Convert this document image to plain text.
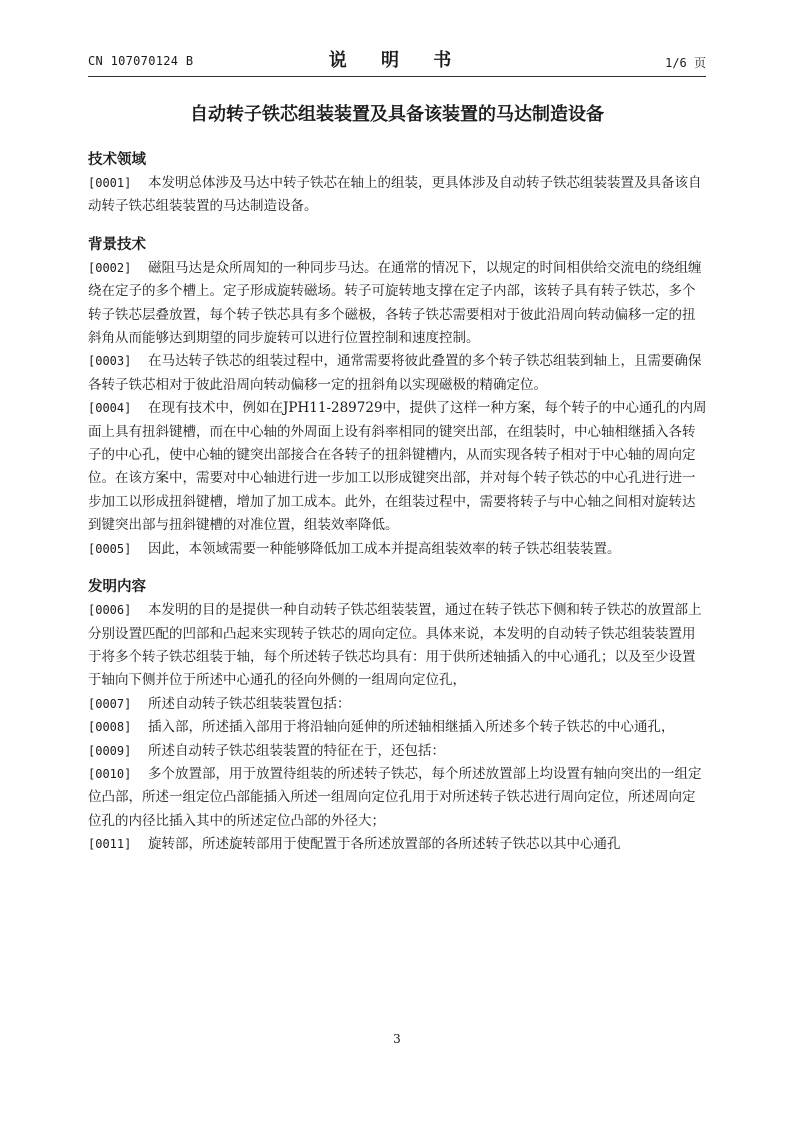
CN 107070124 B	说 明 书	1/6 页
自动转子铁芯组装装置及具备该装置的马达制造设备
技术领域

[0001] 本发明总体涉及马达中转子铁芯在轴上的组装，更具体涉及自动转子铁芯组装装置及具备该自动转子铁芯组装装置的马达制造设备。

背景技术

[0002] 磁阻马达是众所周知的一种同步马达。在通常的情况下，以规定的时间相供给交流电的绕组缠绕在定子的多个槽上。定子形成旋转磁场。转子可旋转地支撑在定子内部，该转子具有转子铁芯，多个转子铁芯层叠放置，每个转子铁芯具有多个磁极，各转子铁芯需要相对于彼此沿周向转动偏移一定的扭斜角从而能够达到期望的同步旋转可以进行位置控制和速度控制。

[0003] 在马达转子铁芯的组装过程中，通常需要将彼此叠置的多个转子铁芯组装到轴上，且需要确保各转子铁芯相对于彼此沿周向转动偏移一定的扭斜角以实现磁极的精确定位。

[0004] 在现有技术中，例如在JPH11-289729中，提供了这样一种方案，每个转子的中心通孔的内周面上具有扭斜键槽，而在中心轴的外周面上设有斜率相同的键突出部，在组装时，中心轴相继插入各转子的中心孔，使中心轴的键突出部接合在各转子的扭斜键槽内，从而实现各转子相对于中心轴的周向定位。在该方案中，需要对中心轴进行进一步加工以形成键突出部，并对每个转子铁芯的中心孔进行进一步加工以形成扭斜键槽，增加了加工成本。此外，在组装过程中，需要将转子与中心轴之间相对旋转达到键突出部与扭斜键槽的对准位置，组装效率降低。

[0005] 因此，本领域需要一种能够降低加工成本并提高组装效率的转子铁芯组装装置。

发明内容

[0006] 本发明的目的是提供一种自动转子铁芯组装装置，通过在转子铁芯下侧和转子铁芯的放置部上分别设置匹配的凹部和凸起来实现转子铁芯的周向定位。具体来说，本发明的自动转子铁芯组装装置用于将多个转子铁芯组装于轴，每个所述转子铁芯均具有：用于供所述轴插入的中心通孔；以及至少设置于轴向下侧并位于所述中心通孔的径向外侧的一组周向定位孔，

[0007] 所述自动转子铁芯组装装置包括：

[0008] 插入部，所述插入部用于将沿轴向延伸的所述轴相继插入所述多个转子铁芯的中心通孔，

[0009] 所述自动转子铁芯组装装置的特征在于，还包括：

[0010] 多个放置部，用于放置待组装的所述转子铁芯，每个所述放置部上均设置有轴向突出的一组定位凸部，所述一组定位凸部能插入所述一组周向定位孔用于对所述转子铁芯进行周向定位，所述周向定位孔的内径比插入其中的所述定位凸部的外径大；

[0011] 旋转部，所述旋转部用于使配置于各所述放置部的各所述转子铁芯以其中心通孔

3
